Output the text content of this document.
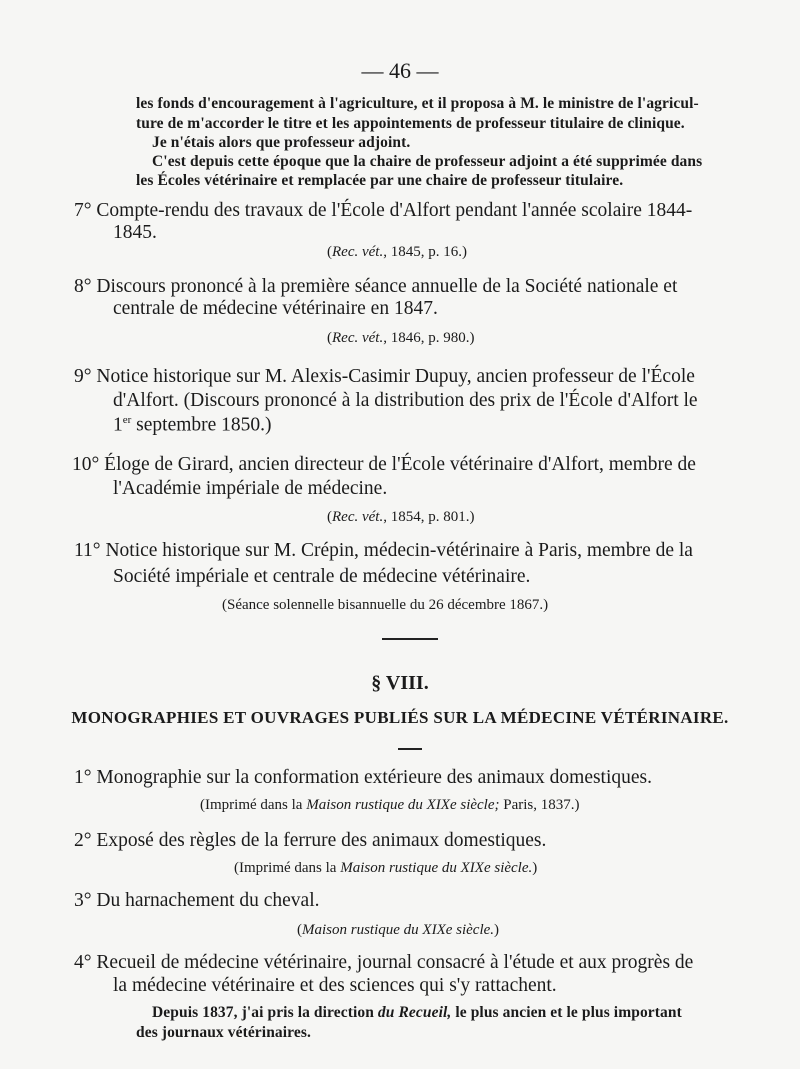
— 46 —
les fonds d'encouragement à l'agriculture, et il proposa à M. le ministre de l'agricul-
ture de m'accorder le titre et les appointements de professeur titulaire de clinique.
Je n'étais alors que professeur adjoint.
C'est depuis cette époque que la chaire de professeur adjoint a été supprimée dans
les Écoles vétérinaire et remplacée par une chaire de professeur titulaire.
7° Compte-rendu des travaux de l'École d'Alfort pendant l'année scolaire 1844-
1845.
(Rec. vét., 1845, p. 16.)
8° Discours prononcé à la première séance annuelle de la Société nationale et
centrale de médecine vétérinaire en 1847.
(Rec. vét., 1846, p. 980.)
9° Notice historique sur M. Alexis-Casimir Dupuy, ancien professeur de l'École
d'Alfort. (Discours prononcé à la distribution des prix de l'École d'Alfort le
1er septembre 1850.)
10° Éloge de Girard, ancien directeur de l'École vétérinaire d'Alfort, membre de
l'Académie impériale de médecine.
(Rec. vét., 1854, p. 801.)
11° Notice historique sur M. Crépin, médecin-vétérinaire à Paris, membre de la
Société impériale et centrale de médecine vétérinaire.
(Séance solennelle bisannuelle du 26 décembre 1867.)
§ VIII.
MONOGRAPHIES ET OUVRAGES PUBLIÉS SUR LA MÉDECINE VÉTÉRINAIRE.
1° Monographie sur la conformation extérieure des animaux domestiques.
(Imprimé dans la Maison rustique du XIXe siècle; Paris, 1837.)
2° Exposé des règles de la ferrure des animaux domestiques.
(Imprimé dans la Maison rustique du XIXe siècle.)
3° Du harnachement du cheval.
(Maison rustique du XIXe siècle.)
4° Recueil de médecine vétérinaire, journal consacré à l'étude et aux progrès de
la médecine vétérinaire et des sciences qui s'y rattachent.
Depuis 1837, j'ai pris la direction du Recueil, le plus ancien et le plus important
des journaux vétérinaires.
